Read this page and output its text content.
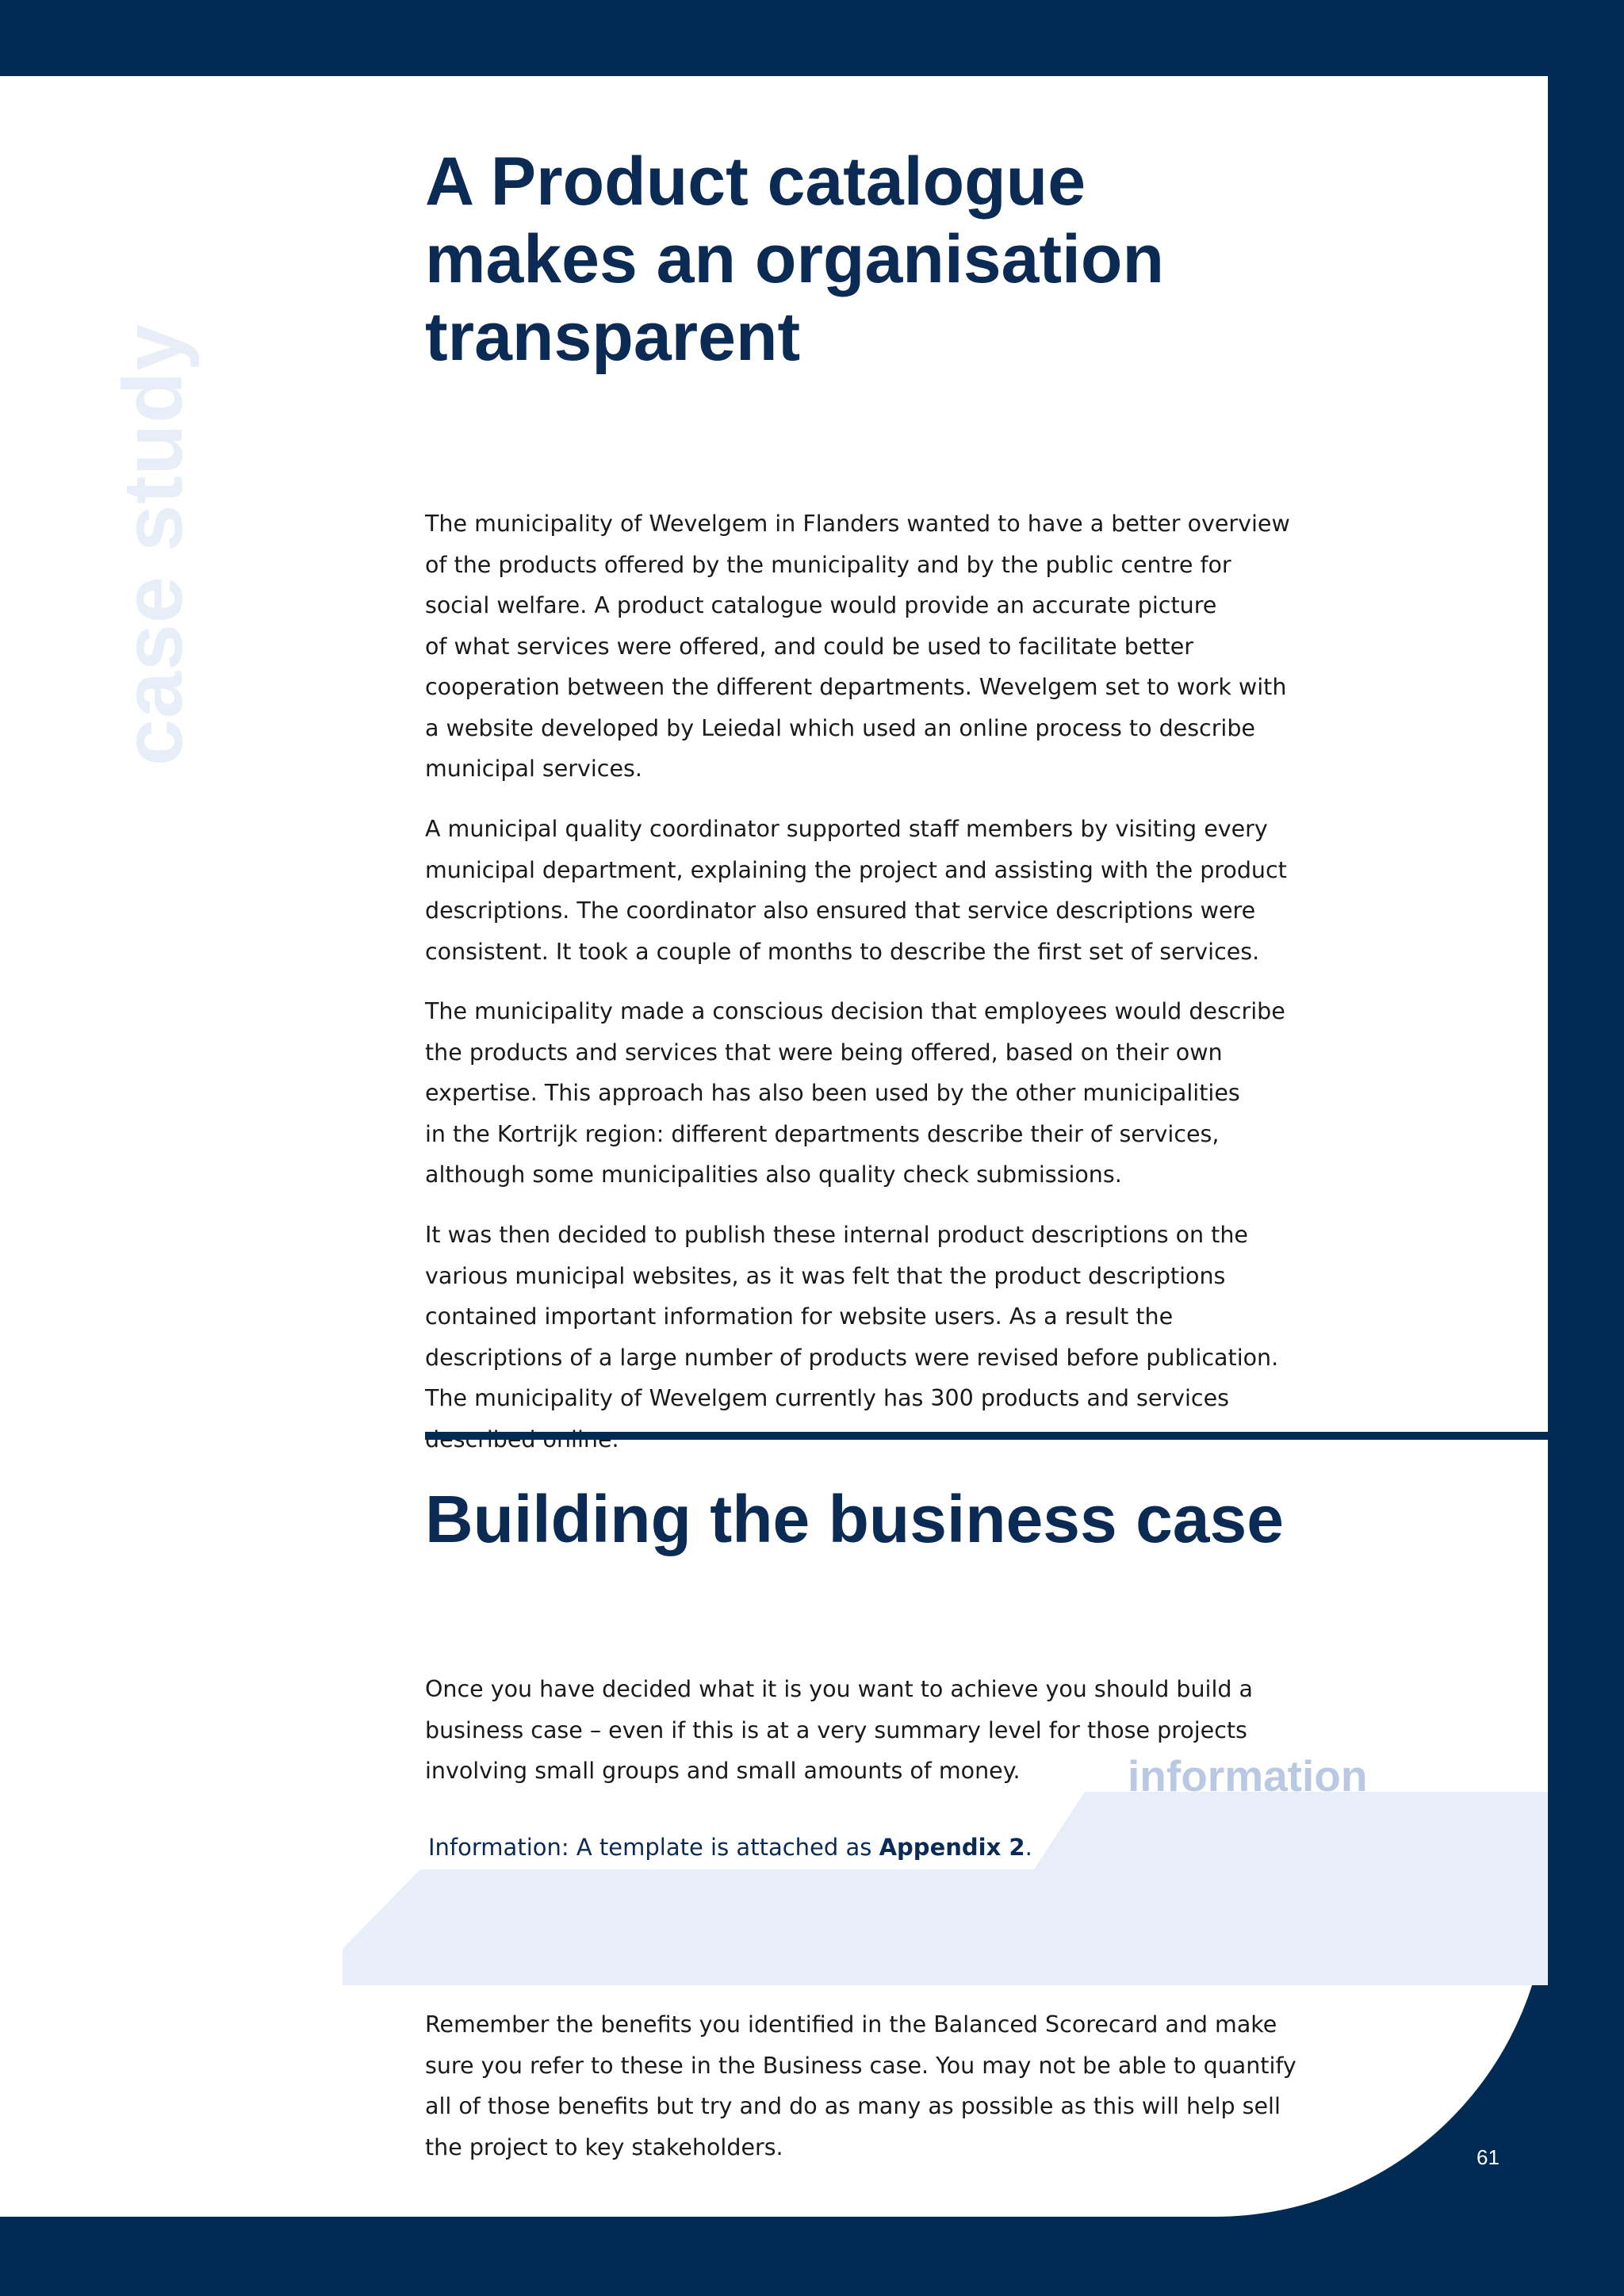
case study
A Product catalogue
makes an organisation
transparent

The municipality of Wevelgem in Flanders wanted to have a better overview
of the products offered by the municipality and by the public centre for
social welfare. A product catalogue would provide an accurate picture
of what services were offered, and could be used to facilitate better
cooperation between the different departments. Wevelgem set to work with
a website developed by Leiedal which used an online process to describe
municipal services.

A municipal quality coordinator supported staff members by visiting every
municipal department, explaining the project and assisting with the product
descriptions. The coordinator also ensured that service descriptions were
consistent. It took a couple of months to describe the first set of services.

The municipality made a conscious decision that employees would describe
the products and services that were being offered, based on their own
expertise. This approach has also been used by the other municipalities
in the Kortrijk region: different departments describe their of services,
although some municipalities also quality check submissions.

It was then decided to publish these internal product descriptions on the
various municipal websites, as it was felt that the product descriptions
contained important information for website users. As a result the
descriptions of a large number of products were revised before publication.
The municipality of Wevelgem currently has 300 products and services

Building the business case

Once you have decided what it is you want to achieve you should build a
business case – even if this is at a very summary level for those projects
involving small groups and small amounts of money.	information

Information: A template is attached as Appendix 2.

Remember the benefits you identified in the Balanced Scorecard and make
sure you refer to these in the Business case. You may not be able to quantify
all of those benefits but try and do as many as possible as this will help sell
the project to key stakeholders.	61
